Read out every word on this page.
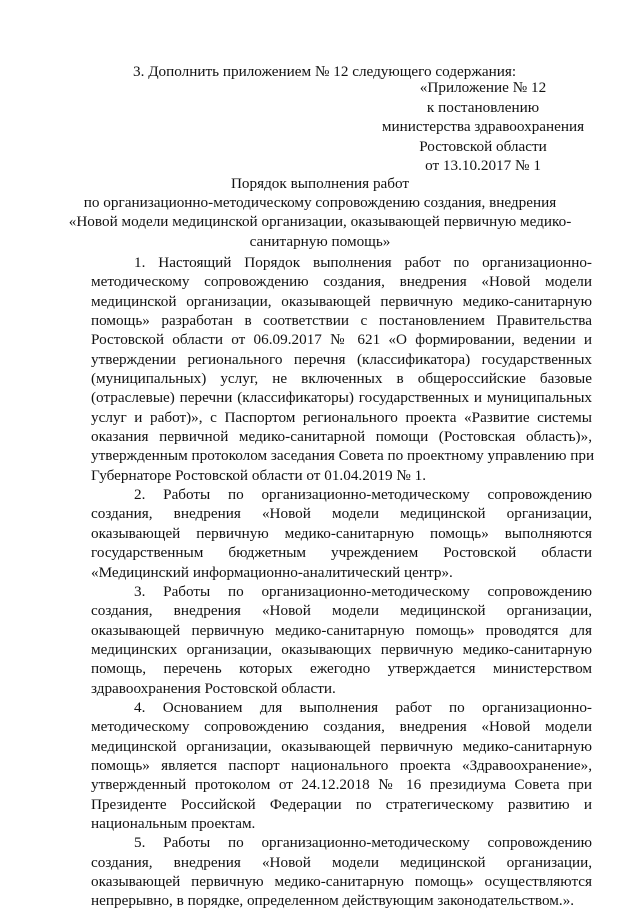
3. Дополнить приложением № 12 следующего содержания:
«Приложение № 12
к постановлению
министерства здравоохранения
Ростовской области
от 13.10.2017 № 1
Порядок выполнения работ
по организационно-методическому сопровождению создания, внедрения
«Новой модели медицинской организации, оказывающей первичную медико-
санитарную помощь»
1. Настоящий Порядок выполнения работ по организационно-
методическому сопровождению создания, внедрения «Новой модели
медицинской организации, оказывающей первичную медико-санитарную
помощь» разработан в соответствии с постановлением Правительства
Ростовской области от 06.09.2017 № 621 «О формировании, ведении и
утверждении регионального перечня (классификатора) государственных
(муниципальных) услуг, не включенных в общероссийские базовые
(отраслевые) перечни (классификаторы) государственных и муниципальных
услуг и работ)», с Паспортом регионального проекта «Развитие системы
оказания первичной медико-санитарной помощи (Ростовская область)»,
утвержденным протоколом заседания Совета по проектному управлению при
Губернаторе Ростовской области от 01.04.2019 № 1.
2. Работы по организационно-методическому сопровождению
создания, внедрения «Новой модели медицинской организации,
оказывающей первичную медико-санитарную помощь» выполняются
государственным бюджетным учреждением Ростовской области
«Медицинский информационно-аналитический центр».
3. Работы по организационно-методическому сопровождению
создания, внедрения «Новой модели медицинской организации,
оказывающей первичную медико-санитарную помощь» проводятся для
медицинских организации, оказывающих первичную медико-санитарную
помощь, перечень которых ежегодно утверждается министерством
здравоохранения Ростовской области.
4. Основанием для выполнения работ по организационно-
методическому сопровождению создания, внедрения «Новой модели
медицинской организации, оказывающей первичную медико-санитарную
помощь» является паспорт национального проекта «Здравоохранение»,
утвержденный протоколом от 24.12.2018 № 16 президиума Совета при
Президенте Российской Федерации по стратегическому развитию и
национальным проектам.
5. Работы по организационно-методическому сопровождению
создания, внедрения «Новой модели медицинской организации,
оказывающей первичную медико-санитарную помощь» осуществляются
непрерывно, в порядке, определенном действующим законодательством.».
